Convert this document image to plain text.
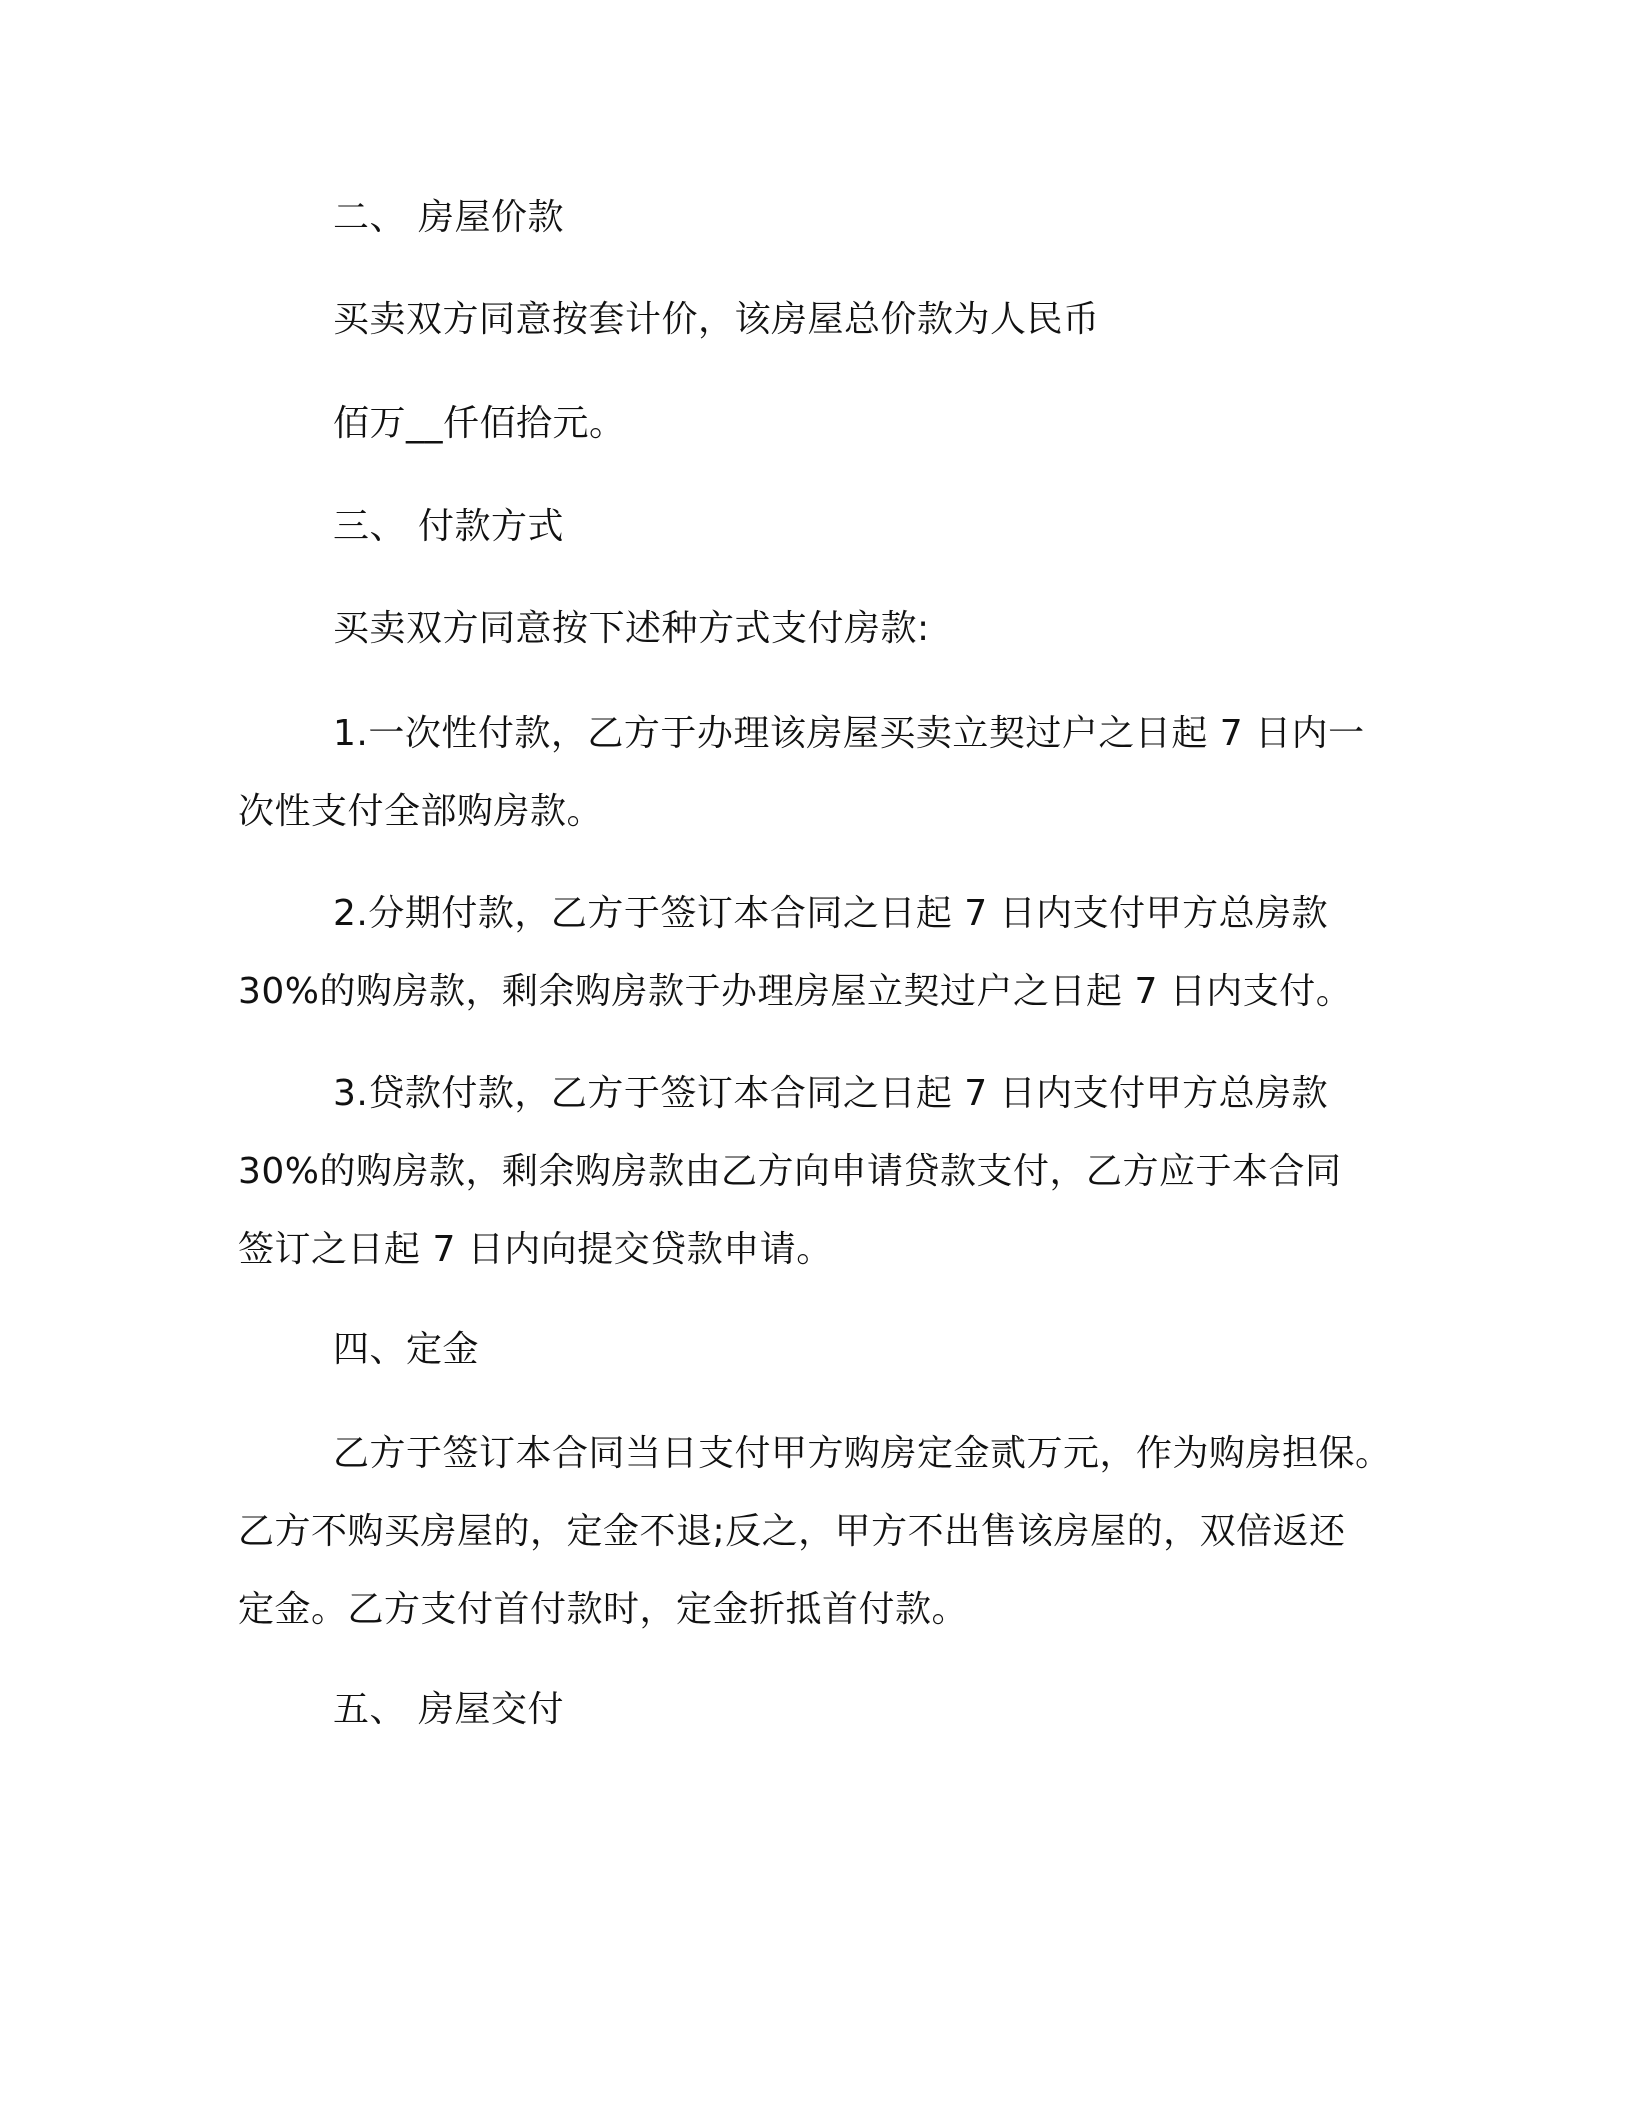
二、 房屋价款
买卖双方同意按套计价，该房屋总价款为人民币
佰万__仟佰拾元。
三、 付款方式
买卖双方同意按下述种方式支付房款:
1.一次性付款，乙方于办理该房屋买卖立契过户之日起 7 日内一
次性支付全部购房款。
2.分期付款，乙方于签订本合同之日起 7 日内支付甲方总房款
30%的购房款，剩余购房款于办理房屋立契过户之日起 7 日内支付。
3.贷款付款，乙方于签订本合同之日起 7 日内支付甲方总房款
30%的购房款，剩余购房款由乙方向申请贷款支付，乙方应于本合同
签订之日起 7 日内向提交贷款申请。
四、定金
乙方于签订本合同当日支付甲方购房定金贰万元，作为购房担保。
乙方不购买房屋的，定金不退;反之，甲方不出售该房屋的，双倍返还
定金。乙方支付首付款时，定金折抵首付款。
五、 房屋交付
